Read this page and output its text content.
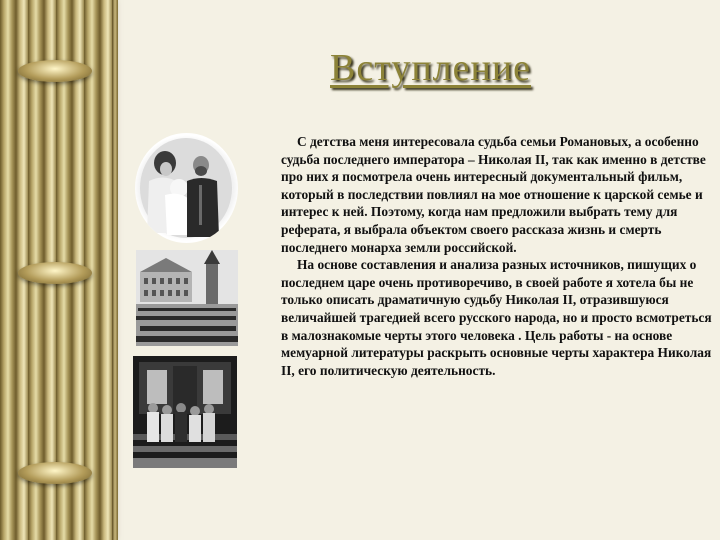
Вступление

С детства меня интересовала судьба семьи Романовых, а особенно судьба последнего императора – Николая II, так как именно в детстве про них я посмотрела очень интересный документальный фильм, который в последствии повлиял на мое отношение к царской семье и интерес к ней. Поэтому, когда нам предложили выбрать тему для реферата, я выбрала объектом своего рассказа жизнь и смерть последнего монарха земли российской.

На основе составления и анализа разных источников, пишущих о последнем царе очень противоречиво, в своей работе я хотела бы не только описать драматичную судьбу Николая II, отразившуюся величайшей трагедией всего русского народа, но и просто всмотреться в малознакомые черты этого человека . Цель работы - на основе мемуарной литературы раскрыть основные черты характера Николая II, его политическую деятельность.
